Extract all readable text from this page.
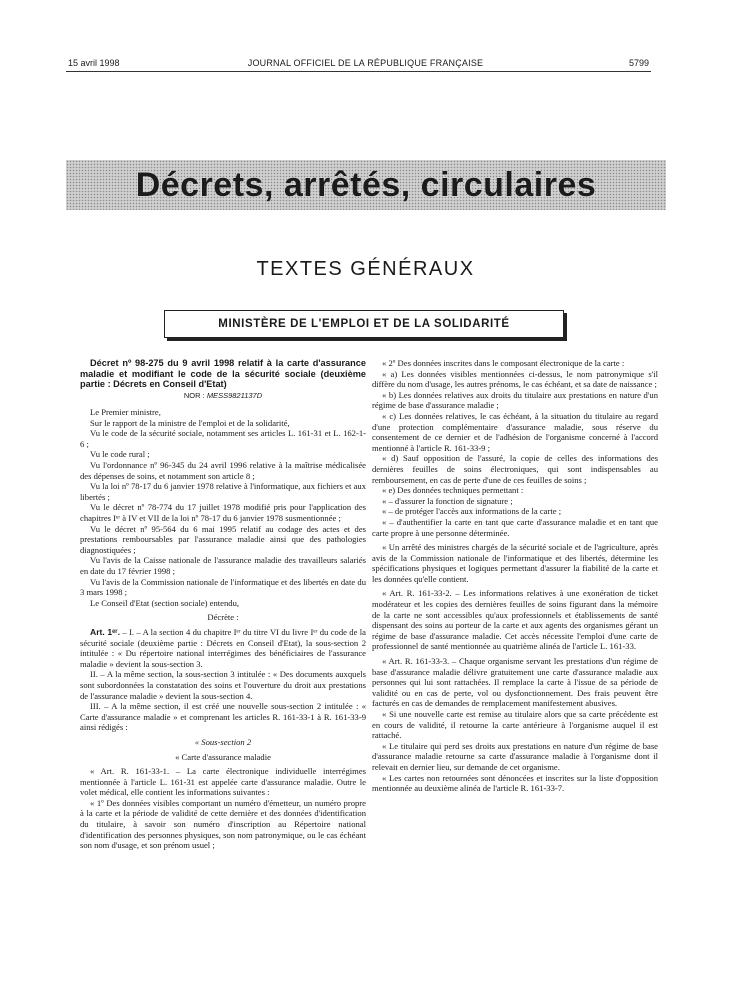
15 avril 1998	JOURNAL OFFICIEL DE LA RÉPUBLIQUE FRANÇAISE	5799
Décrets, arrêtés, circulaires
TEXTES GÉNÉRAUX
MINISTÈRE DE L'EMPLOI ET DE LA SOLIDARITÉ

Décret nº 98-275 du 9 avril 1998 relatif à la carte d'assurance maladie et modifiant le code de la sécurité sociale (deuxième partie : Décrets en Conseil d'Etat)

NOR : MESS9821137D

Le Premier ministre,

Sur le rapport de la ministre de l'emploi et de la solidarité,

Vu le code de la sécurité sociale, notamment ses articles L. 161-31 et L. 162-1-6 ;

Vu le code rural ;

Vu l'ordonnance nº 96-345 du 24 avril 1996 relative à la maîtrise médicalisée des dépenses de soins, et notamment son article 8 ;

Vu la loi nº 78-17 du 6 janvier 1978 relative à l'informatique, aux fichiers et aux libertés ;

Vu le décret nº 78-774 du 17 juillet 1978 modifié pris pour l'application des chapitres Iᵉʳ à IV et VII de la loi nº 78-17 du 6 janvier 1978 susmentionnée ;

Vu le décret nº 95-564 du 6 mai 1995 relatif au codage des actes et des prestations remboursables par l'assurance maladie ainsi que des pathologies diagnostiquées ;

Vu l'avis de la Caisse nationale de l'assurance maladie des travailleurs salariés en date du 17 février 1998 ;

Vu l'avis de la Commission nationale de l'informatique et des libertés en date du 3 mars 1998 ;

Le Conseil d'Etat (section sociale) entendu,

Décrète :

Art. 1ᵉʳ. – I. – A la section 4 du chapitre Iᵉʳ du titre VI du livre Iᵉʳ du code de la sécurité sociale (deuxième partie : Décrets en Conseil d'Etat), la sous-section 2 intitulée : « Du répertoire national interrégimes des bénéficiaires de l'assurance maladie » devient la sous-section 3.

II. – A la même section, la sous-section 3 intitulée : « Des documents auxquels sont subordonnées la constatation des soins et l'ouverture du droit aux prestations de l'assurance maladie » devient la sous-section 4.

III. – A la même section, il est créé une nouvelle sous-section 2 intitulée : « Carte d'assurance maladie » et comprenant les articles R. 161-33-1 à R. 161-33-9 ainsi rédigés :

« Sous-section 2

« Carte d'assurance maladie

« Art. R. 161-33-1. – La carte électronique individuelle interrégimes mentionnée à l'article L. 161-31 est appelée carte d'assurance maladie. Outre le volet médical, elle contient les informations suivantes :

« 1º Des données visibles comportant un numéro d'émetteur, un numéro propre à la carte et la période de validité de cette dernière et des données d'identification du titulaire, à savoir son numéro d'inscription au Répertoire national d'identification des personnes physiques, son nom patronymique, ou le cas échéant son nom d'usage, et son prénom usuel ;

« 2º Des données inscrites dans le composant électronique de la carte :

« a) Les données visibles mentionnées ci-dessus, le nom patronymique s'il diffère du nom d'usage, les autres prénoms, le cas échéant, et sa date de naissance ;

« b) Les données relatives aux droits du titulaire aux prestations en nature d'un régime de base d'assurance maladie ;

« c) Les données relatives, le cas échéant, à la situation du titulaire au regard d'une protection complémentaire d'assurance maladie, sous réserve du consentement de ce dernier et de l'adhésion de l'organisme concerné à l'accord mentionné à l'article R. 161-33-9 ;

« d) Sauf opposition de l'assuré, la copie de celles des informations des dernières feuilles de soins électroniques, qui sont indispensables au remboursement, en cas de perte d'une de ces feuilles de soins ;

« e) Des données techniques permettant :

« – d'assurer la fonction de signature ;

« – de protéger l'accès aux informations de la carte ;

« – d'authentifier la carte en tant que carte d'assurance maladie et en tant que carte propre à une personne déterminée.

« Un arrêté des ministres chargés de la sécurité sociale et de l'agriculture, après avis de la Commission nationale de l'informatique et des libertés, détermine les spécifications physiques et logiques permettant d'assurer la fiabilité de la carte et les données qu'elle contient.

« Art. R. 161-33-2. – Les informations relatives à une exonération de ticket modérateur et les copies des dernières feuilles de soins figurant dans la mémoire de la carte ne sont accessibles qu'aux professionnels et établissements de santé dispensant des soins au porteur de la carte et aux agents des organismes gérant un régime de base d'assurance maladie. Cet accès nécessite l'emploi d'une carte de professionnel de santé mentionnée au quatrième alinéa de l'article L. 161-33.

« Art. R. 161-33-3. – Chaque organisme servant les prestations d'un régime de base d'assurance maladie délivre gratuitement une carte d'assurance maladie aux personnes qui lui sont rattachées. Il remplace la carte à l'issue de sa période de validité ou en cas de perte, vol ou dysfonctionnement. Des frais peuvent être facturés en cas de demandes de remplacement manifestement abusives.

« Si une nouvelle carte est remise au titulaire alors que sa carte précédente est en cours de validité, il retourne la carte antérieure à l'organisme auquel il est rattaché.

« Le titulaire qui perd ses droits aux prestations en nature d'un régime de base d'assurance maladie retourne sa carte d'assurance maladie à l'organisme dont il relevait en dernier lieu, sur demande de cet organisme.

« Les cartes non retournées sont dénoncées et inscrites sur la liste d'opposition mentionnée au deuxième alinéa de l'article R. 161-33-7.
